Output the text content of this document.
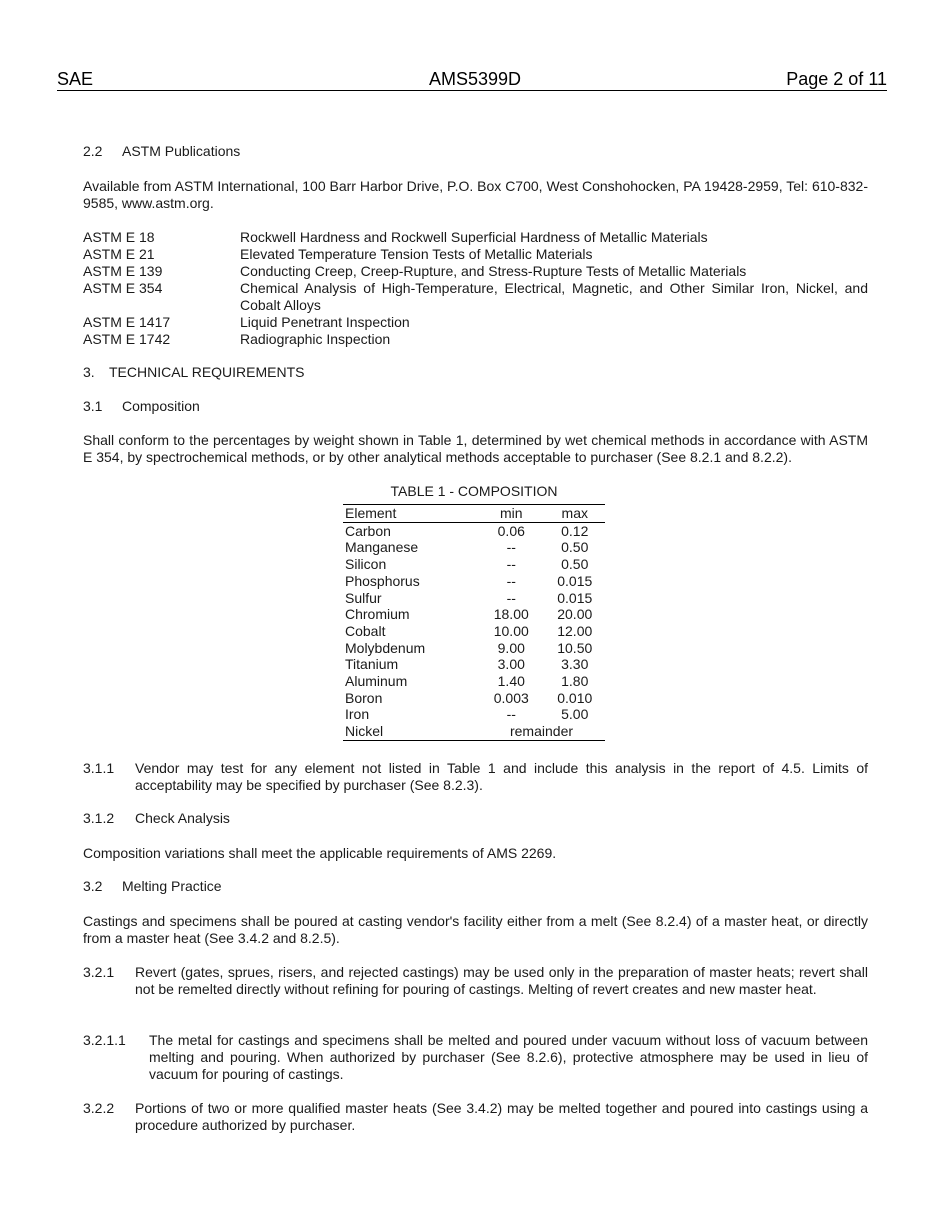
SAE	AMS5399D	Page 2 of 11
2.2 ASTM Publications
Available from ASTM International, 100 Barr Harbor Drive, P.O. Box C700, West Conshohocken, PA 19428-2959, Tel: 610-832-9585, www.astm.org.
ASTM E 18	Rockwell Hardness and Rockwell Superficial Hardness of Metallic Materials
ASTM E 21	Elevated Temperature Tension Tests of Metallic Materials
ASTM E 139	Conducting Creep, Creep-Rupture, and Stress-Rupture Tests of Metallic Materials
ASTM E 354	Chemical Analysis of High-Temperature, Electrical, Magnetic, and Other Similar Iron, Nickel, and Cobalt Alloys
ASTM E 1417	Liquid Penetrant Inspection
ASTM E 1742	Radiographic Inspection
3. TECHNICAL REQUIREMENTS
3.1 Composition
Shall conform to the percentages by weight shown in Table 1, determined by wet chemical methods in accordance with ASTM E 354, by spectrochemical methods, or by other analytical methods acceptable to purchaser (See 8.2.1 and 8.2.2).
TABLE 1 - COMPOSITION
Element	min	max
Carbon	0.06	0.12
Manganese	--	0.50
Silicon	--	0.50
Phosphorus	--	0.015
Sulfur	--	0.015
Chromium	18.00	20.00
Cobalt	10.00	12.00
Molybdenum	9.00	10.50
Titanium	3.00	3.30
Aluminum	1.40	1.80
Boron	0.003	0.010
Iron	--	5.00
Nickel	remainder	
3.1.1 Vendor may test for any element not listed in Table 1 and include this analysis in the report of 4.5. Limits of acceptability may be specified by purchaser (See 8.2.3).
3.1.2 Check Analysis
Composition variations shall meet the applicable requirements of AMS 2269.
3.2 Melting Practice
Castings and specimens shall be poured at casting vendor's facility either from a melt (See 8.2.4) of a master heat, or directly from a master heat (See 3.4.2 and 8.2.5).
3.2.1 Revert (gates, sprues, risers, and rejected castings) may be used only in the preparation of master heats; revert shall not be remelted directly without refining for pouring of castings. Melting of revert creates and new master heat.
3.2.1.1 The metal for castings and specimens shall be melted and poured under vacuum without loss of vacuum between melting and pouring. When authorized by purchaser (See 8.2.6), protective atmosphere may be used in lieu of vacuum for pouring of castings.
3.2.2 Portions of two or more qualified master heats (See 3.4.2) may be melted together and poured into castings using a procedure authorized by purchaser.
